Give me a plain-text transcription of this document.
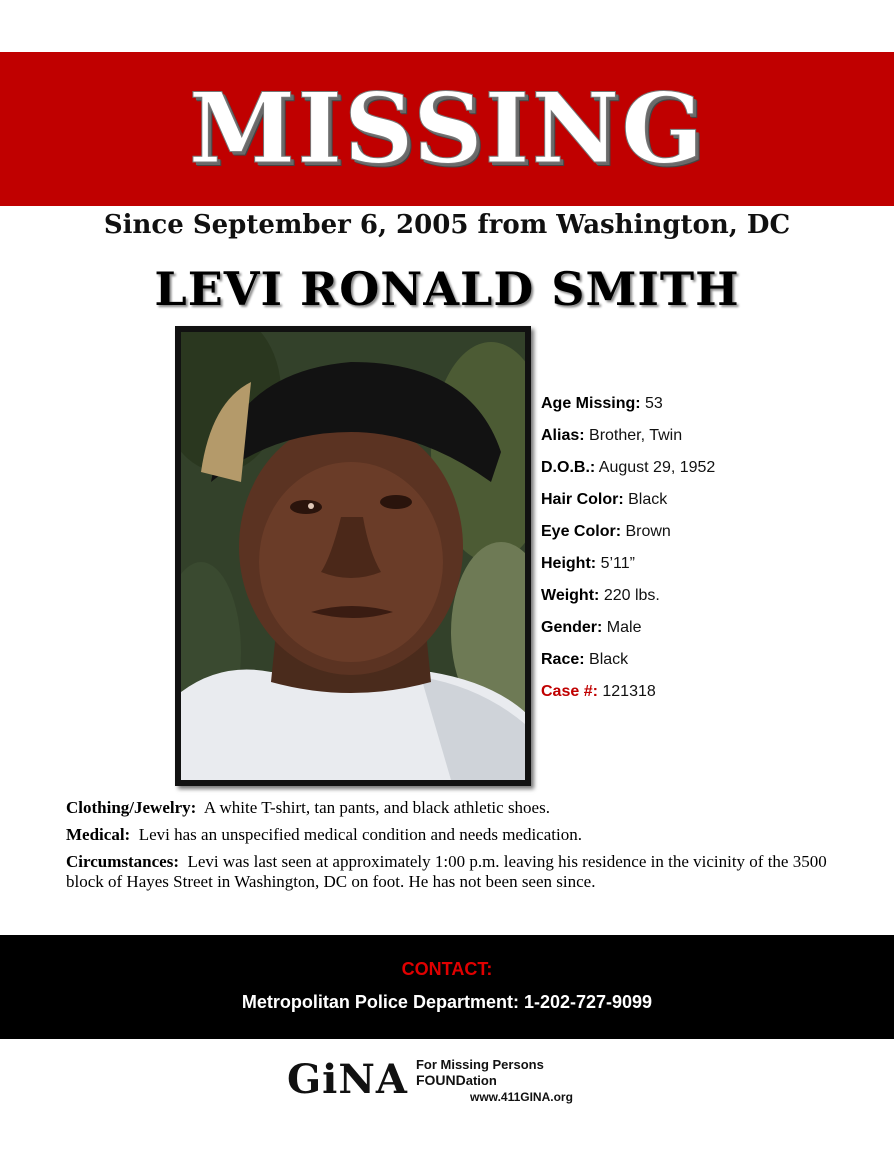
MISSING
Since September 6, 2005 from Washington, DC
LEVI RONALD SMITH
Age Missing: 53
Alias: Brother, Twin
D.O.B.: August 29, 1952
Hair Color: Black
Eye Color: Brown
Height: 5’11”
Weight: 220 lbs.
Gender: Male
Race: Black
Case #: 121318

Clothing/Jewelry: A white T-shirt, tan pants, and black athletic shoes.

Medical: Levi has an unspecified medical condition and needs medication.

Circumstances: Levi was last seen at approximately 1:00 p.m. leaving his residence in the vicinity of the 3500 block of Hayes Street in Washington, DC on foot. He has not been seen since.

CONTACT:
Metropolitan Police Department: 1-202-727-9099
GiNA For Missing Persons FOUNDation
www.411GINA.org
